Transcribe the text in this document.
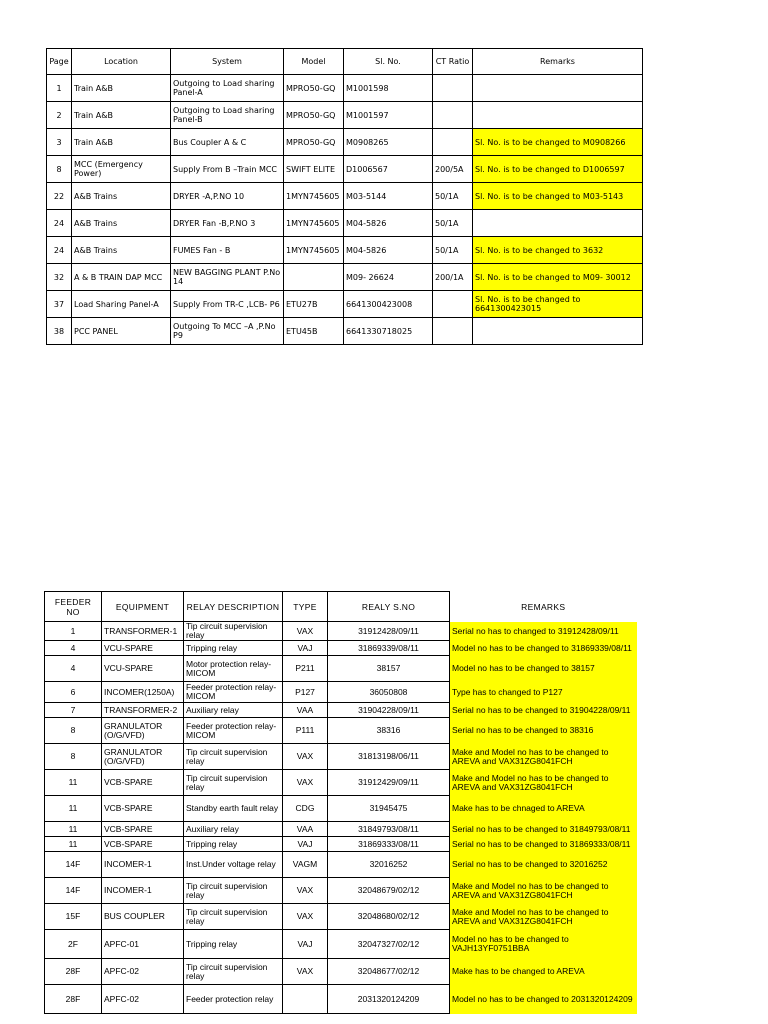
Page	Location	System	Model	Sl. No.	CT Ratio	Remarks
1	Train A&B	Outgoing to Load sharing Panel-A	MPRO50-GQ	M1001598		
2	Train A&B	Outgoing to Load sharing Panel-B	MPRO50-GQ	M1001597		
3	Train A&B	Bus Coupler A & C	MPRO50-GQ	M0908265		Sl. No. is to be changed to M0908266
8	MCC (Emergency Power)	Supply From B –Train MCC	SWIFT ELITE	D1006567	200/5A	Sl. No. is to be changed to D1006597
22	A&B Trains	DRYER -A,P.NO 10	1MYN745605	M03-5144	50/1A	Sl. No. is to be changed to M03-5143
24	A&B Trains	DRYER Fan -B,P.NO 3	1MYN745605	M04-5826	50/1A	
24	A&B Trains	FUMES Fan - B	1MYN745605	M04-5826	50/1A	Sl. No. is to be changed to 3632
32	A & B TRAIN DAP MCC	NEW BAGGING PLANT P.No 14		M09- 26624	200/1A	Sl. No. is to be changed to M09- 30012
37	Load Sharing Panel-A	Supply From TR-C ,LCB- P6	ETU27B	6641300423008		Sl. No. is to be changed to 6641300423015
38	PCC PANEL	Outgoing To MCC –A ,P.No P9	ETU45B	6641330718025		
FEEDER NO	EQUIPMENT	RELAY DESCRIPTION	TYPE	REALY S.NO	REMARKS
1	TRANSFORMER-1	Tip circuit supervision relay	VAX	31912428/09/11	Serial no has to changed to 31912428/09/11
4	VCU-SPARE	Tripping relay	VAJ	31869339/08/11	Model no has to be changed to 31869339/08/11
4	VCU-SPARE	Motor protection relay-MICOM	P211	38157	Model no has to be changed to 38157
6	INCOMER(1250A)	Feeder protection relay-MICOM	P127	36050808	Type has to changed to P127
7	TRANSFORMER-2	Auxiliary relay	VAA	31904228/09/11	Serial no has to be changed to 31904228/09/11
8	GRANULATOR (O/G/VFD)	Feeder protection relay-MICOM	P111	38316	Serial no has to be changed to 38316
8	GRANULATOR (O/G/VFD)	Tip circuit supervision relay	VAX	31813198/06/11	Make and Model no has to be changed to AREVA and VAX31ZG8041FCH
11	VCB-SPARE	Tip circuit supervision relay	VAX	31912429/09/11	Make and Model no has to be changed to AREVA and VAX31ZG8041FCH
11	VCB-SPARE	Standby earth fault relay	CDG	31945475	Make has to be chnaged to AREVA
11	VCB-SPARE	Auxiliary relay	VAA	31849793/08/11	Serial no has to be changed to 31849793/08/11
11	VCB-SPARE	Tripping relay	VAJ	31869333/08/11	Serial no has to be changed to 31869333/08/11
14F	INCOMER-1	Inst.Under voltage relay	VAGM	32016252	Serial no has to be changed to 32016252
14F	INCOMER-1	Tip circuit supervision relay	VAX	32048679/02/12	Make and Model no has to be changed to AREVA and VAX31ZG8041FCH
15F	BUS COUPLER	Tip circuit supervision relay	VAX	32048680/02/12	Make and Model no has to be changed to AREVA and VAX31ZG8041FCH
2F	APFC-01	Tripping relay	VAJ	32047327/02/12	Model no has to be changed to VAJH13YF0751BBA
28F	APFC-02	Tip circuit supervision relay	VAX	32048677/02/12	Make has to be changed to AREVA
28F	APFC-02	Feeder protection relay		2031320124209	Model no has to be changed to 2031320124209
